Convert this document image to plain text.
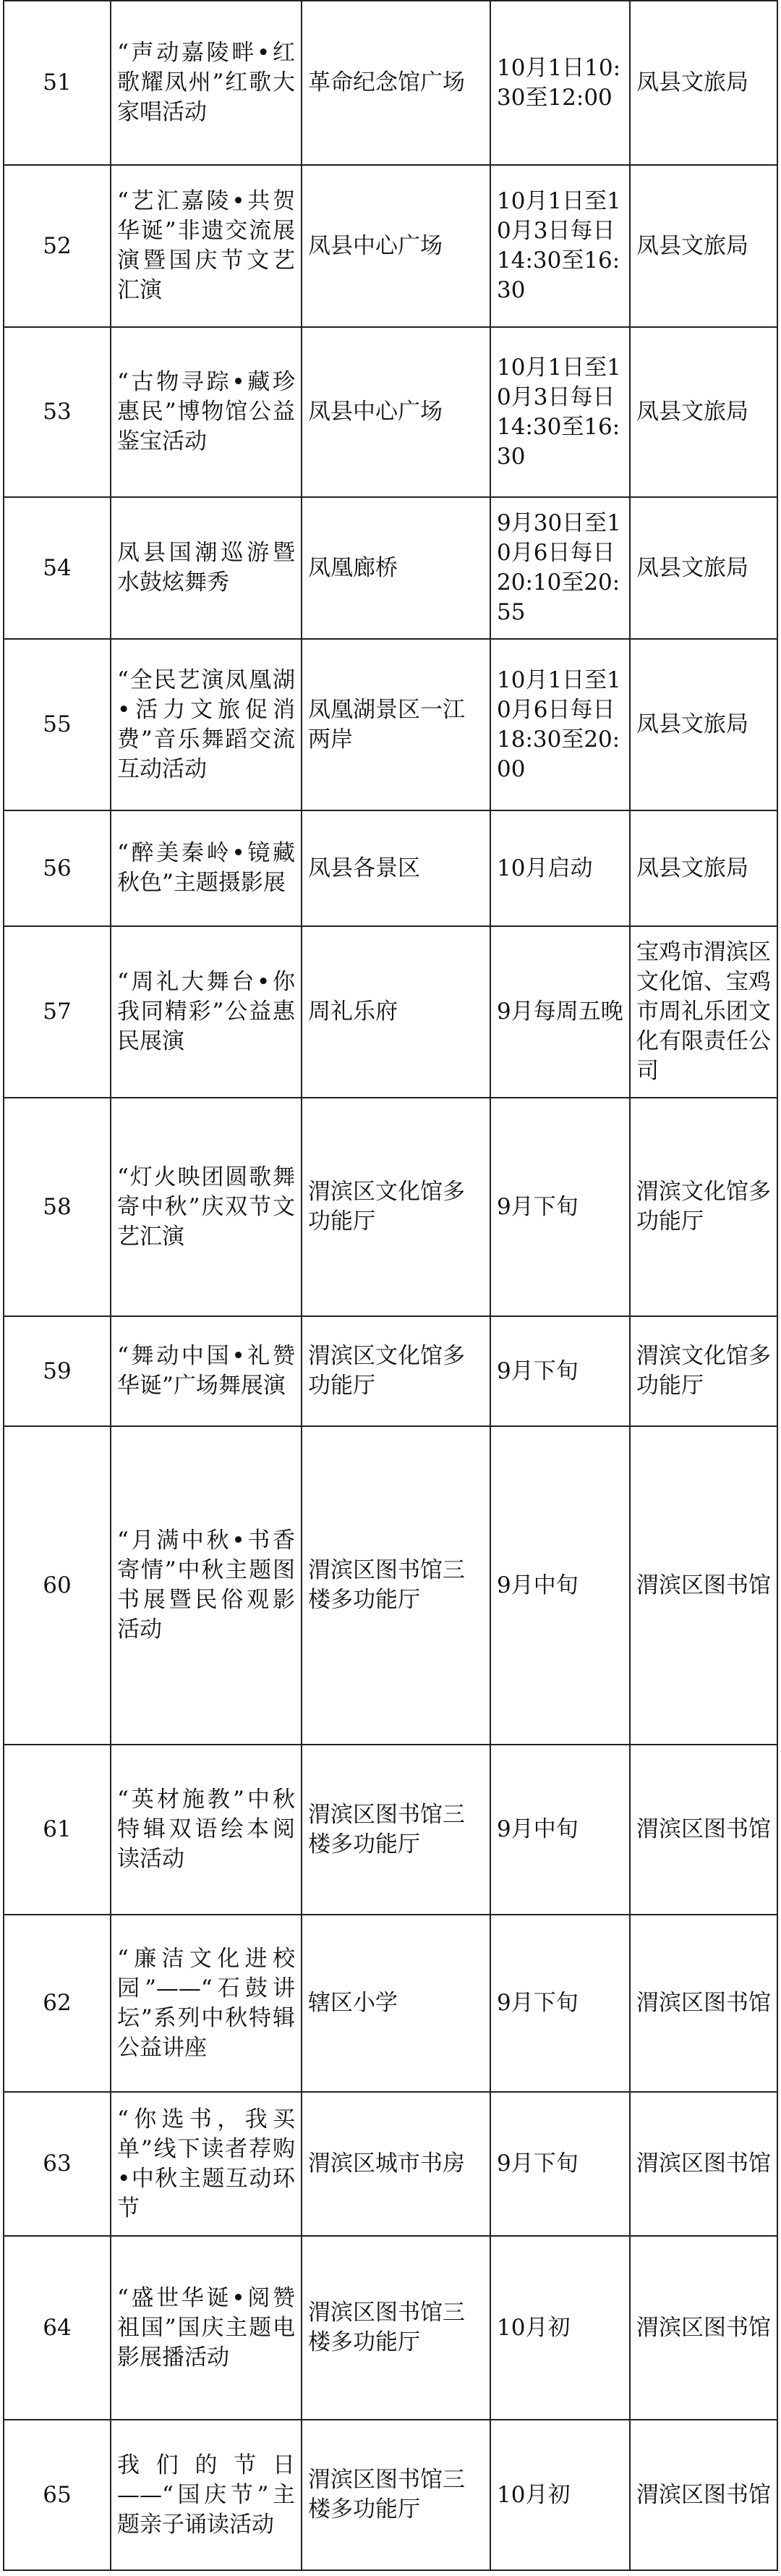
51	“声动嘉陵畔•红歌耀凤州”红歌大家唱活动	革命纪念馆广场	10月1日10:30至12:00	凤县文旅局
52	“艺汇嘉陵•共贺华诞”非遗交流展演暨国庆节文艺汇演	凤县中心广场	10月1日至10月3日每日14:30至16:30	凤县文旅局
53	“古物寻踪•藏珍惠民”博物馆公益鉴宝活动	凤县中心广场	10月1日至10月3日每日14:30至16:30	凤县文旅局
54	凤县国潮巡游暨水鼓炫舞秀	凤凰廊桥	9月30日至10月6日每日20:10至20:55	凤县文旅局
55	“全民艺演凤凰湖•活力文旅促消费”音乐舞蹈交流互动活动	凤凰湖景区一江两岸	10月1日至10月6日每日18:30至20:00	凤县文旅局
56	“醉美秦岭•镜藏秋色”主题摄影展	凤县各景区	10月启动	凤县文旅局
57	“周礼大舞台•你我同精彩”公益惠民展演	周礼乐府	9月每周五晚	宝鸡市渭滨区文化馆、宝鸡市周礼乐团文化有限责任公司
58	“灯火映团圆歌舞寄中秋”庆双节文艺汇演	渭滨区文化馆多功能厅	9月下旬	渭滨文化馆多功能厅
59	“舞动中国•礼赞华诞”广场舞展演	渭滨区文化馆多功能厅	9月下旬	渭滨文化馆多功能厅
60	“月满中秋•书香寄情”中秋主题图书展暨民俗观影活动	渭滨区图书馆三楼多功能厅	9月中旬	渭滨区图书馆
61	“英材施教”中秋特辑双语绘本阅读活动	渭滨区图书馆三楼多功能厅	9月中旬	渭滨区图书馆
62	“廉洁文化进校园”——“石鼓讲坛”系列中秋特辑公益讲座	辖区小学	9月下旬	渭滨区图书馆
63	“你选书，我买单”线下读者荐购•中秋主题互动环节	渭滨区城市书房	9月下旬	渭滨区图书馆
64	“盛世华诞•阅赞祖国”国庆主题电影展播活动	渭滨区图书馆三楼多功能厅	10月初	渭滨区图书馆
65	我们的节日——“国庆节”主题亲子诵读活动	渭滨区图书馆三楼多功能厅	10月初	渭滨区图书馆
